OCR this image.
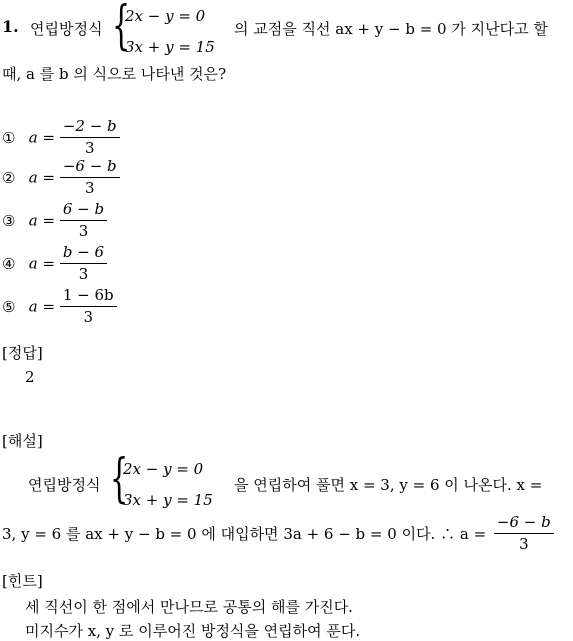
1. 연립방정식 {
2x − y = 0
3x + y = 15
의 교점을 직선 ax + y − b = 0 가 지난다고 할
때, a 를 b 의 식으로 나타낸 것은?
① $a = \frac{-2 - b}{3}$
② $a = \frac{-6 - b}{3}$
③ $a = \frac{6 - b}{3}$
④ $a = \frac{b - 6}{3}$
⑤ $a = \frac{1 - 6b}{3}$
[정답]
2
[해설]
연립방정식 {
2x − y = 0
3x + y = 15
을 연립하여 풀면 x = 3, y = 6 이 나온다. x =
3, y = 6 를 ax + y − b = 0 에 대입하면 3a + 6 − b = 0 이다. ∴ $a = \frac{-6 - b}{3}$
[힌트]
세 직선이 한 점에서 만나므로 공통의 해를 가진다.
미지수가 x, y 로 이루어진 방정식을 연립하여 푼다.
